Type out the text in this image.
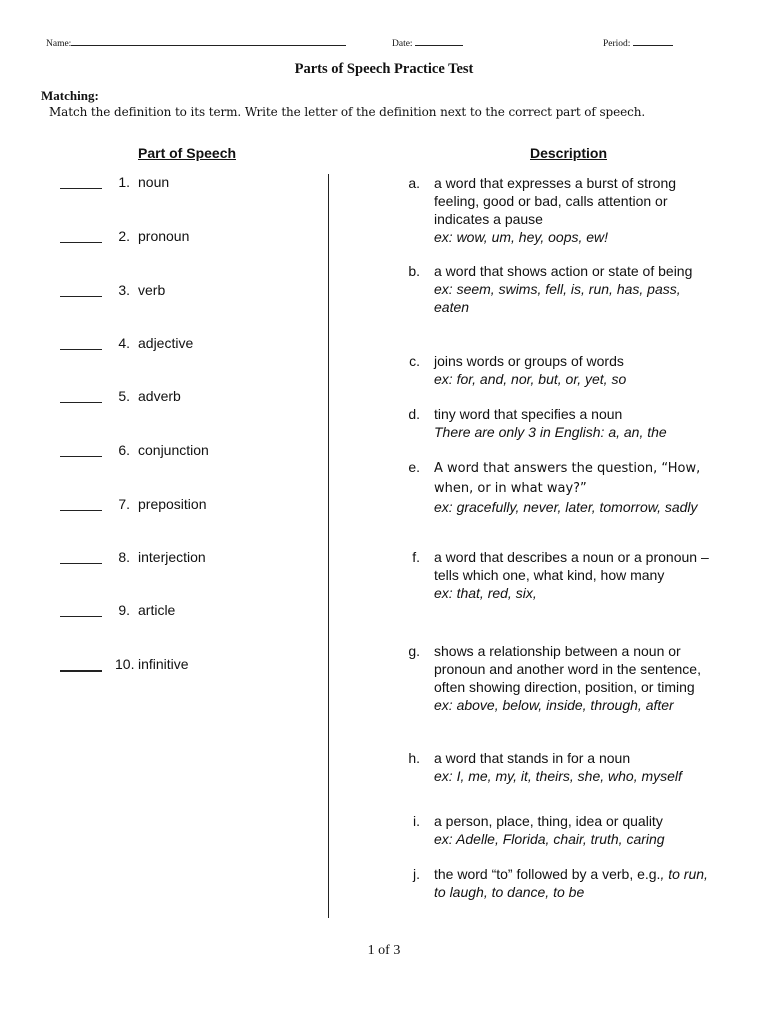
Name:	Date:	Period:
Parts of Speech Practice Test
Matching:
Match the definition to its term. Write the letter of the definition next to the correct part of speech.
Part of Speech	Description
1. noun
2. pronoun
3. verb
4. adjective
5. adverb
6. conjunction
7. preposition
8. interjection
9. article
10. infinitive
a. a word that expresses a burst of strong feeling, good or bad, calls attention or indicates a pause
ex: wow, um, hey, oops, ew!
b. a word that shows action or state of being
ex: seem, swims, fell, is, run, has, pass, eaten
c. joins words or groups of words
ex: for, and, nor, but, or, yet, so
d. tiny word that specifies a noun
There are only 3 in English: a, an, the
e. A word that answers the question, “How, when, or in what way?”
ex: gracefully, never, later, tomorrow, sadly
f. a word that describes a noun or a pronoun – tells which one, what kind, how many
ex: that, red, six,
g. shows a relationship between a noun or pronoun and another word in the sentence, often showing direction, position, or timing
ex: above, below, inside, through, after
h. a word that stands in for a noun
ex: I, me, my, it, theirs, she, who, myself
i. a person, place, thing, idea or quality
ex: Adelle, Florida, chair, truth, caring
j. the word “to” followed by a verb, e.g., to run, to laugh, to dance, to be
1 of 3
